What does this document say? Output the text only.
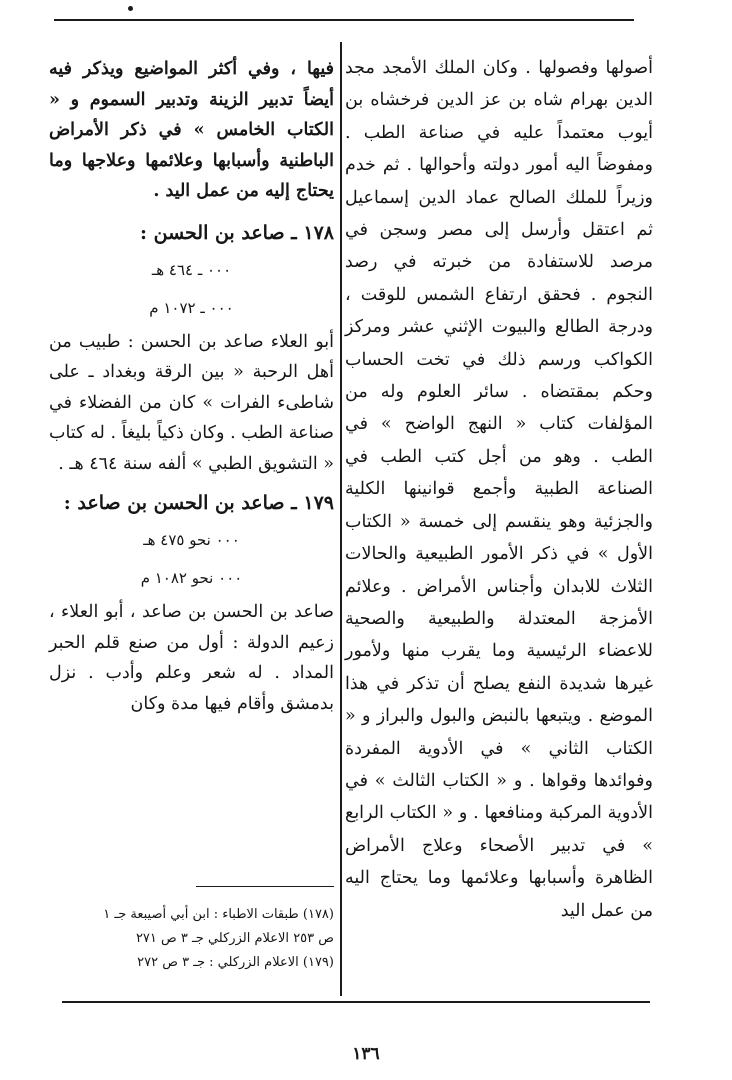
أصولها وفصولها . وكان الملك الأمجد مجد الدين بهرام شاه بن عز الدين فرخشاه بن أيوب معتمداً عليه في صناعة الطب . ومفوضاً اليه أمور دولته وأحوالها . ثم خدم وزيراً للملك الصالح عماد الدين إسماعيل ثم اعتقل وأرسل إلى مصر وسجن في مرصد للاستفادة من خبرته في رصد النجوم . فحقق ارتفاع الشمس للوقت ، ودرجة الطالع والبيوت الإثني عشر ومركز الكواكب ورسم ذلك في تخت الحساب وحكم بمقتضاه . سائر العلوم وله من المؤلفات كتاب « النهج الواضح » في الطب . وهو من أجل كتب الطب في الصناعة الطبية وأجمع قوانينها الكلية والجزئية وهو ينقسم إلى خمسة « الكتاب الأول » في ذكر الأمور الطبيعية والحالات الثلاث للابدان وأجناس الأمراض . وعلائم الأمزجة المعتدلة والطبيعية والصحية للاعضاء الرئيسية وما يقرب منها ولأمور غيرها شديدة النفع يصلح أن تذكر في هذا الموضع . ويتبعها بالنبض والبول والبراز و « الكتاب الثاني » في الأدوية المفردة وفوائدها وقواها . و « الكتاب الثالث » في الأدوية المركبة ومنافعها . و « الكتاب الرابع » في تدبير الأصحاء وعلاج الأمراض الظاهرة وأسبابها وعلائمها وما يحتاج اليه من عمل اليد

فيها ، وفي أكثر المواضيع ويذكر فيه أيضاً تدبير الزينة وتدبير السموم و « الكتاب الخامس » في ذكر الأمراض الباطنية وأسبابها وعلائمها وعلاجها وما يحتاج إليه من عمل اليد .

١٧٨ ـ صاعد بن الحسن :
٠٠٠ ـ ٤٦٤ هـ
٠٠٠ ـ ١٠٧٢ م

أبو العلاء صاعد بن الحسن : طبيب من أهل الرحبة « بين الرقة وبغداد ـ على شاطىء الفرات » كان من الفضلاء في صناعة الطب . وكان ذكياً بليغاً . له كتاب « التشويق الطبي » ألفه سنة ٤٦٤ هـ .

١٧٩ ـ صاعد بن الحسن بن صاعد :
٠٠٠ نحو ٤٧٥ هـ
٠٠٠ نحو ١٠٨٢ م

صاعد بن الحسن بن صاعد ، أبو العلاء ، زعيم الدولة : أول من صنع قلم الحبر المداد . له شعر وعلم وأدب . نزل بدمشق وأقام فيها مدة وكان

(١٧٨) طبقات الاطباء : ابن أبي أصيبعة جـ ١
ص ٢٥٣ الاعلام الزركلي جـ ٣ ص ٢٧١
(١٧٩) الاعلام الزركلي : جـ ٣ ص ٢٧٢
١٣٦
